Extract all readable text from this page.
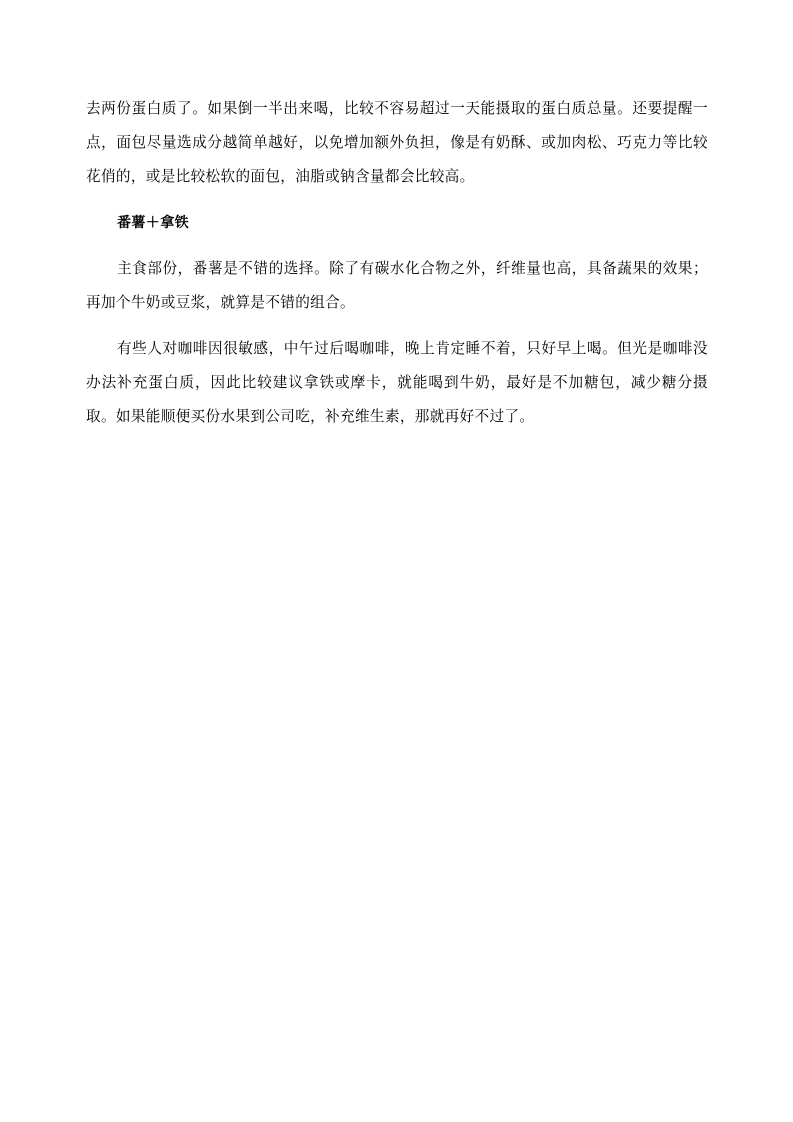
去两份蛋白质了。如果倒一半出来喝，比较不容易超过一天能摄取的蛋白质总量。还要提醒一点，面包尽量选成分越简单越好，以免增加额外负担，像是有奶酥、或加肉松、巧克力等比较花俏的，或是比较松软的面包，油脂或钠含量都会比较高。

番薯＋拿铁

主食部份，番薯是不错的选择。除了有碳水化合物之外，纤维量也高，具备蔬果的效果；再加个牛奶或豆浆，就算是不错的组合。

有些人对咖啡因很敏感，中午过后喝咖啡，晚上肯定睡不着，只好早上喝。但光是咖啡没办法补充蛋白质，因此比较建议拿铁或摩卡，就能喝到牛奶，最好是不加糖包，减少糖分摄取。如果能顺便买份水果到公司吃，补充维生素，那就再好不过了。
